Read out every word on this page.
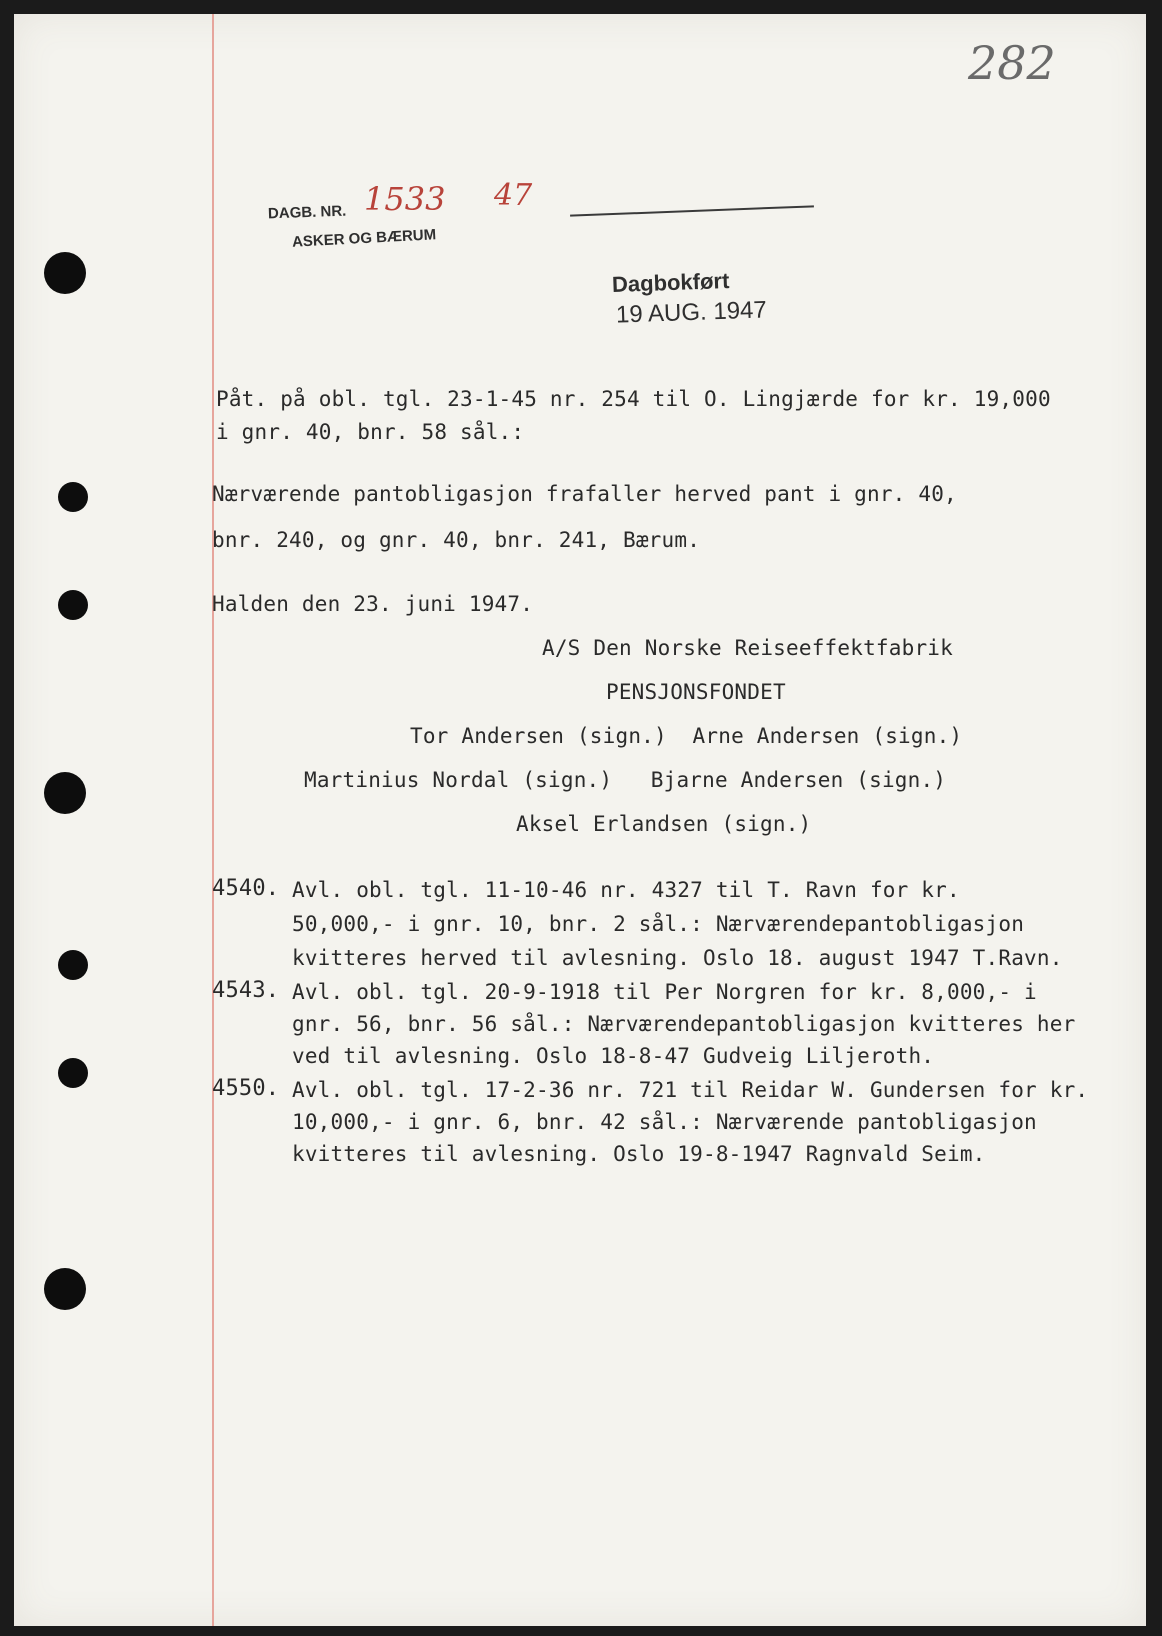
282
DAGB. NR. 1533 47
ASKER OG BÆRUM
Dagbokført
19 AUG. 1947
Påt. på obl. tgl. 23-1-45 nr. 254 til O. Lingjærde for kr. 19,000
i gnr. 40, bnr. 58 sål.:
Nærværende pantobligasjon frafaller herved pant i gnr. 40,
bnr. 240, og gnr. 40, bnr. 241, Bærum.
Halden den 23. juni 1947.
A/S Den Norske Reiseeffektfabrik
PENSJONSFONDET
Tor Andersen (sign.)  Arne Andersen (sign.)
Martinius Nordal (sign.)   Bjarne Andersen (sign.)
Aksel Erlandsen (sign.)
4540. Avl. obl. tgl. 11-10-46 nr. 4327 til T. Ravn for kr.
50,000,- i gnr. 10, bnr. 2 sål.: Nærværendepantobligasjon
kvitteres herved til avlesning. Oslo 18. august 1947 T.Ravn.
4543. Avl. obl. tgl. 20-9-1918 til Per Norgren for kr. 8,000,- i
gnr. 56, bnr. 56 sål.: Nærværendepantobligasjon kvitteres her
ved til avlesning. Oslo 18-8-47 Gudveig Liljeroth.
4550. Avl. obl. tgl. 17-2-36 nr. 721 til Reidar W. Gundersen for kr.
10,000,- i gnr. 6, bnr. 42 sål.: Nærværende pantobligasjon
kvitteres til avlesning. Oslo 19-8-1947 Ragnvald Seim.
